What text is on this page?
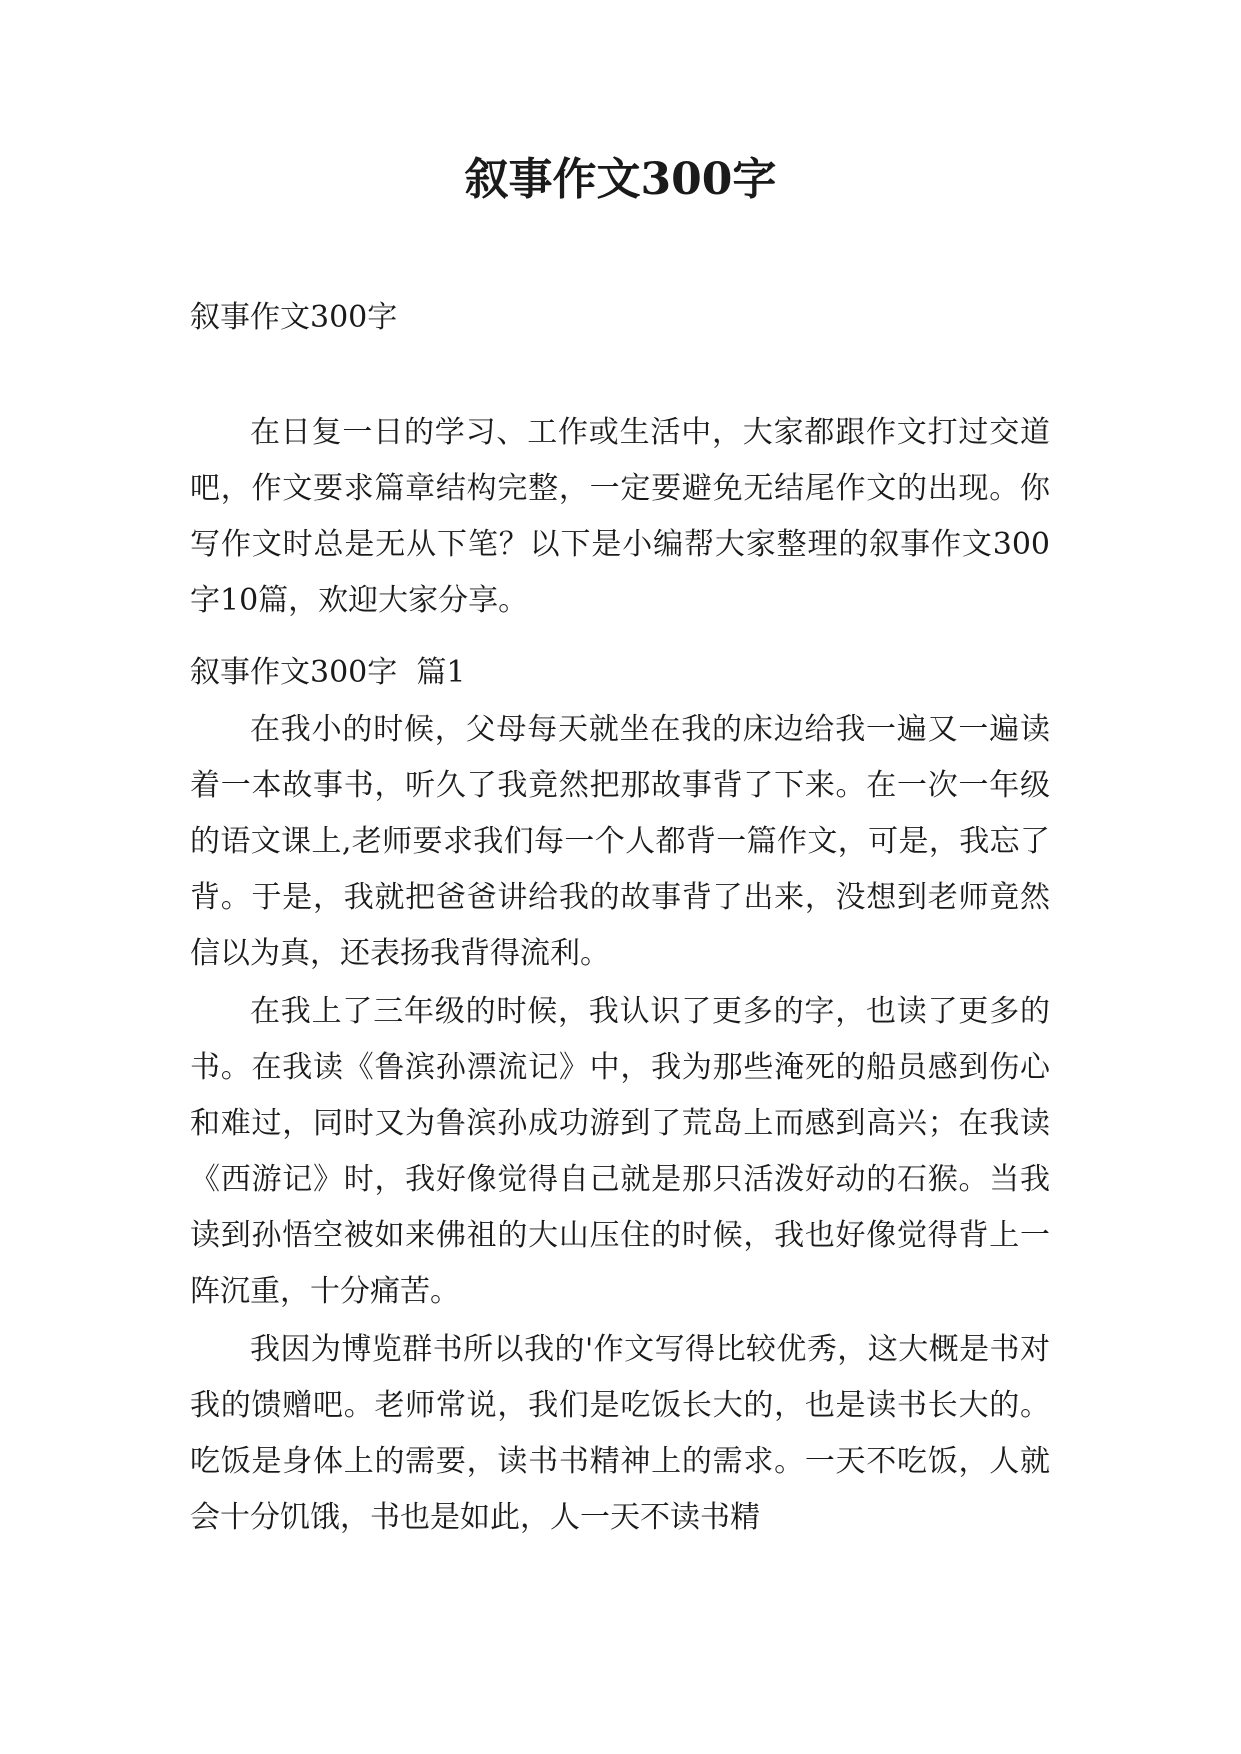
叙事作文300字

叙事作文300字

在日复一日的学习、工作或生活中，大家都跟作文打过交道吧，作文要求篇章结构完整，一定要避免无结尾作文的出现。你写作文时总是无从下笔？以下是小编帮大家整理的叙事作文300字10篇，欢迎大家分享。

叙事作文300字  篇1

在我小的时候，父母每天就坐在我的床边给我一遍又一遍读着一本故事书，听久了我竟然把那故事背了下来。在一次一年级的语文课上,老师要求我们每一个人都背一篇作文，可是，我忘了背。于是，我就把爸爸讲给我的故事背了出来，没想到老师竟然信以为真，还表扬我背得流利。

在我上了三年级的时候，我认识了更多的字，也读了更多的书。在我读《鲁滨孙漂流记》中，我为那些淹死的船员感到伤心和难过，同时又为鲁滨孙成功游到了荒岛上而感到高兴；在我读《西游记》时，我好像觉得自己就是那只活泼好动的石猴。当我读到孙悟空被如来佛祖的大山压住的时候，我也好像觉得背上一阵沉重，十分痛苦。

我因为博览群书所以我的'作文写得比较优秀，这大概是书对我的馈赠吧。老师常说，我们是吃饭长大的，也是读书长大的。吃饭是身体上的需要，读书书精神上的需求。一天不吃饭，人就会十分饥饿，书也是如此，人一天不读书精
